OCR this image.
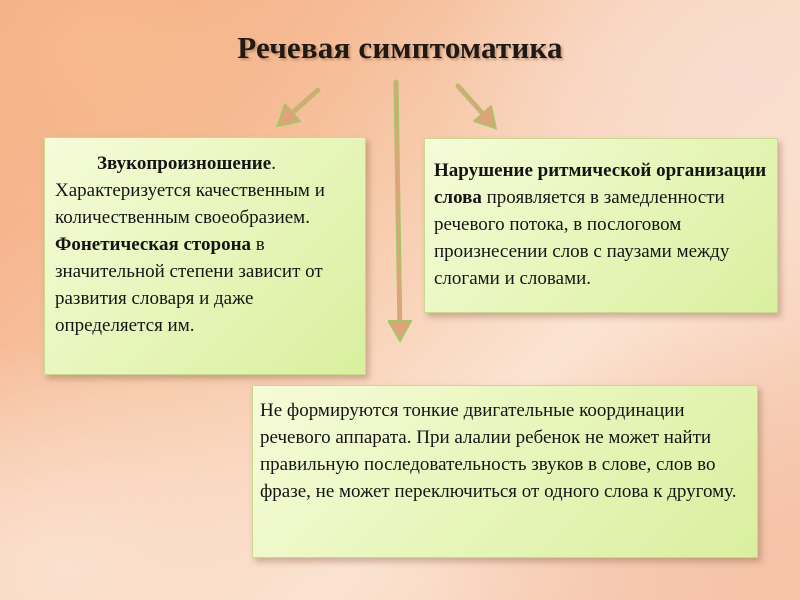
Речевая симптоматика
Звукопроизношение. Характеризуется качественным и количественным своеобразием. Фонетическая сторона в значительной степени зависит от развития словаря и даже определяется им.
Нарушение ритмической организации слова проявляется в замедленности речевого потока, в послоговом произнесении слов с паузами между слогами и словами.
Не формируются тонкие двигательные координации речевого аппарата. При алалии ребенок не может найти правильную последовательность звуков в слове, слов во фразе, не может переключиться от одного слова к другому.
